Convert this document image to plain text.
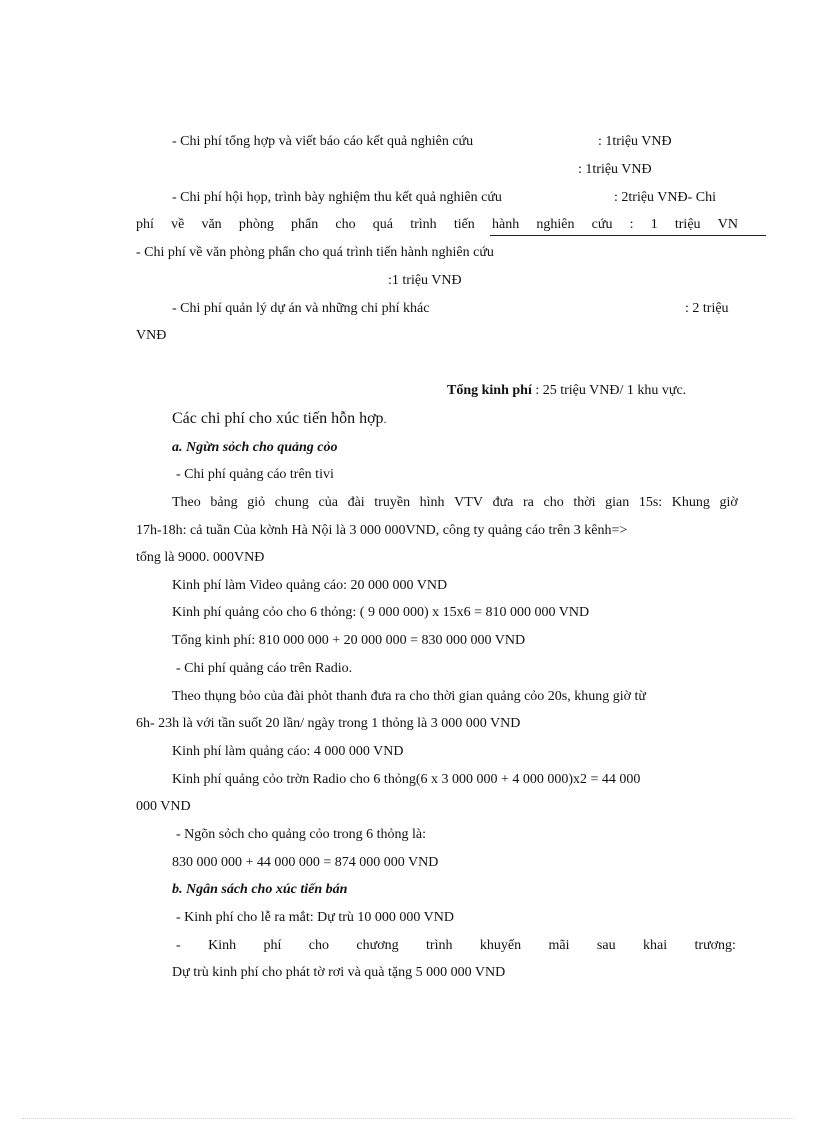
- Chi phí tổng hợp và viết báo cáo kết quả nghiên cứu	: 1triệu VNĐ
: 1triệu VNĐ
- Chi phí hội họp, trình bày nghiệm thu kết quả nghiên cứu	: 2triệu VNĐ- Chi
phí về văn phòng phẩn cho quá trình tiến hành nghiên cứu : 1 triệu VN
- Chi phí về văn phòng phẩn cho quá trình tiến hành nghiên cứu
:1 triệu VNĐ
- Chi phí quản lý dự án và những chi phí khác	: 2 triệu
VNĐ
Tổng kinh phí : 25 triệu VNĐ/ 1 khu vực.
Các chi phí cho xúc tiến hỗn hợp.
a. Ngừn sỏch cho quảng cỏo
- Chi phí quảng cáo trên tivi
Theo bảng giỏ chung của đài truyền hình VTV đưa ra cho thời gian 15s: Khung giờ
17h-18h: cả tuần Của kờnh Hà Nội là 3 000 000VND, công ty quảng cáo trên 3 kênh=>
tổng là 9000. 000VNĐ
Kinh phí làm Video quảng cáo: 20 000 000 VND
Kinh phí quảng cỏo cho 6 thỏng: ( 9 000 000) x 15x6 = 810 000 000 VND
Tổng kinh phí: 810 000 000 + 20 000 000 = 830 000 000 VND
- Chi phí quảng cáo trên Radio.
Theo thụng bỏo của đài phỏt thanh đưa ra cho thời gian quảng cỏo 20s, khung giờ từ
6h- 23h là với tần suốt 20 lần/ ngày trong 1 thỏng là 3 000 000 VND
Kinh phí làm quảng cáo: 4 000 000 VND
Kinh phí quảng cỏo trờn Radio cho 6 thỏng(6 x 3 000 000 + 4 000 000)x2 = 44 000
000 VND
- Ngõn sỏch cho quảng cỏo trong 6 thỏng là:
830 000 000 + 44 000 000 = 874 000 000 VND
b. Ngân sách cho xúc tiến bán
- Kinh phí cho lễ ra mắt: Dự trù 10 000 000 VND
- Kinh phí cho chương trình khuyến mãi sau khai trương:
Dự trù kinh phí cho phát tờ rơi và quà tặng 5 000 000 VND
